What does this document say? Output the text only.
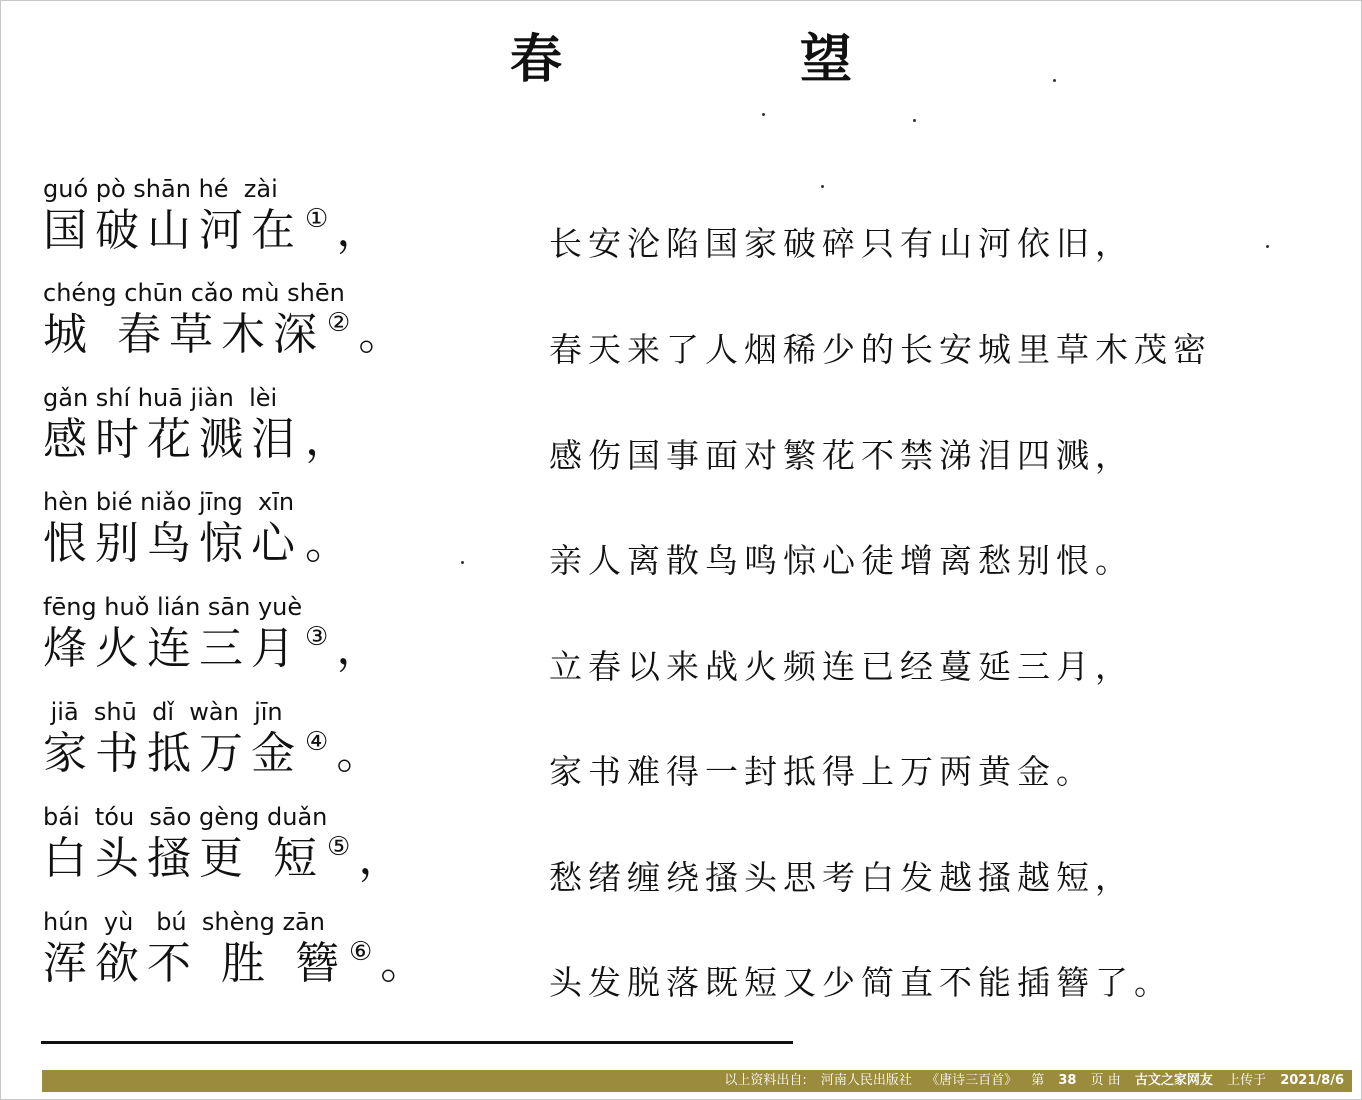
春 望
guó pò shān hé  zài
国破山河在①，	长安沦陷国家破碎只有山河依旧，
chéng chūn cǎo mù shēn
城 春草木深②。	春天来了人烟稀少的长安城里草木茂密
gǎn shí huā jiàn  lèi
感时花溅泪，	感伤国事面对繁花不禁涕泪四溅，
hèn bié niǎo jīng  xīn
恨别鸟惊心。	亲人离散鸟鸣惊心徒增离愁别恨。
fēng huǒ lián sān yuè
烽火连三月③，	立春以来战火频连已经蔓延三月，
jiā  shū  dǐ  wàn  jīn
家书抵万金④。	家书难得一封抵得上万两黄金。
bái  tóu  sāo gèng duǎn
白头搔更 短⑤，	愁绪缠绕搔头思考白发越搔越短，
hún  yù   bú  shèng zān
浑欲不 胜 簪⑥。	头发脱落既短又少简直不能插簪了。
以上资料出自: 河南人民出版社 《唐诗三百首》 第 38 页 由 古文之家网友 上传于 2021/8/6
